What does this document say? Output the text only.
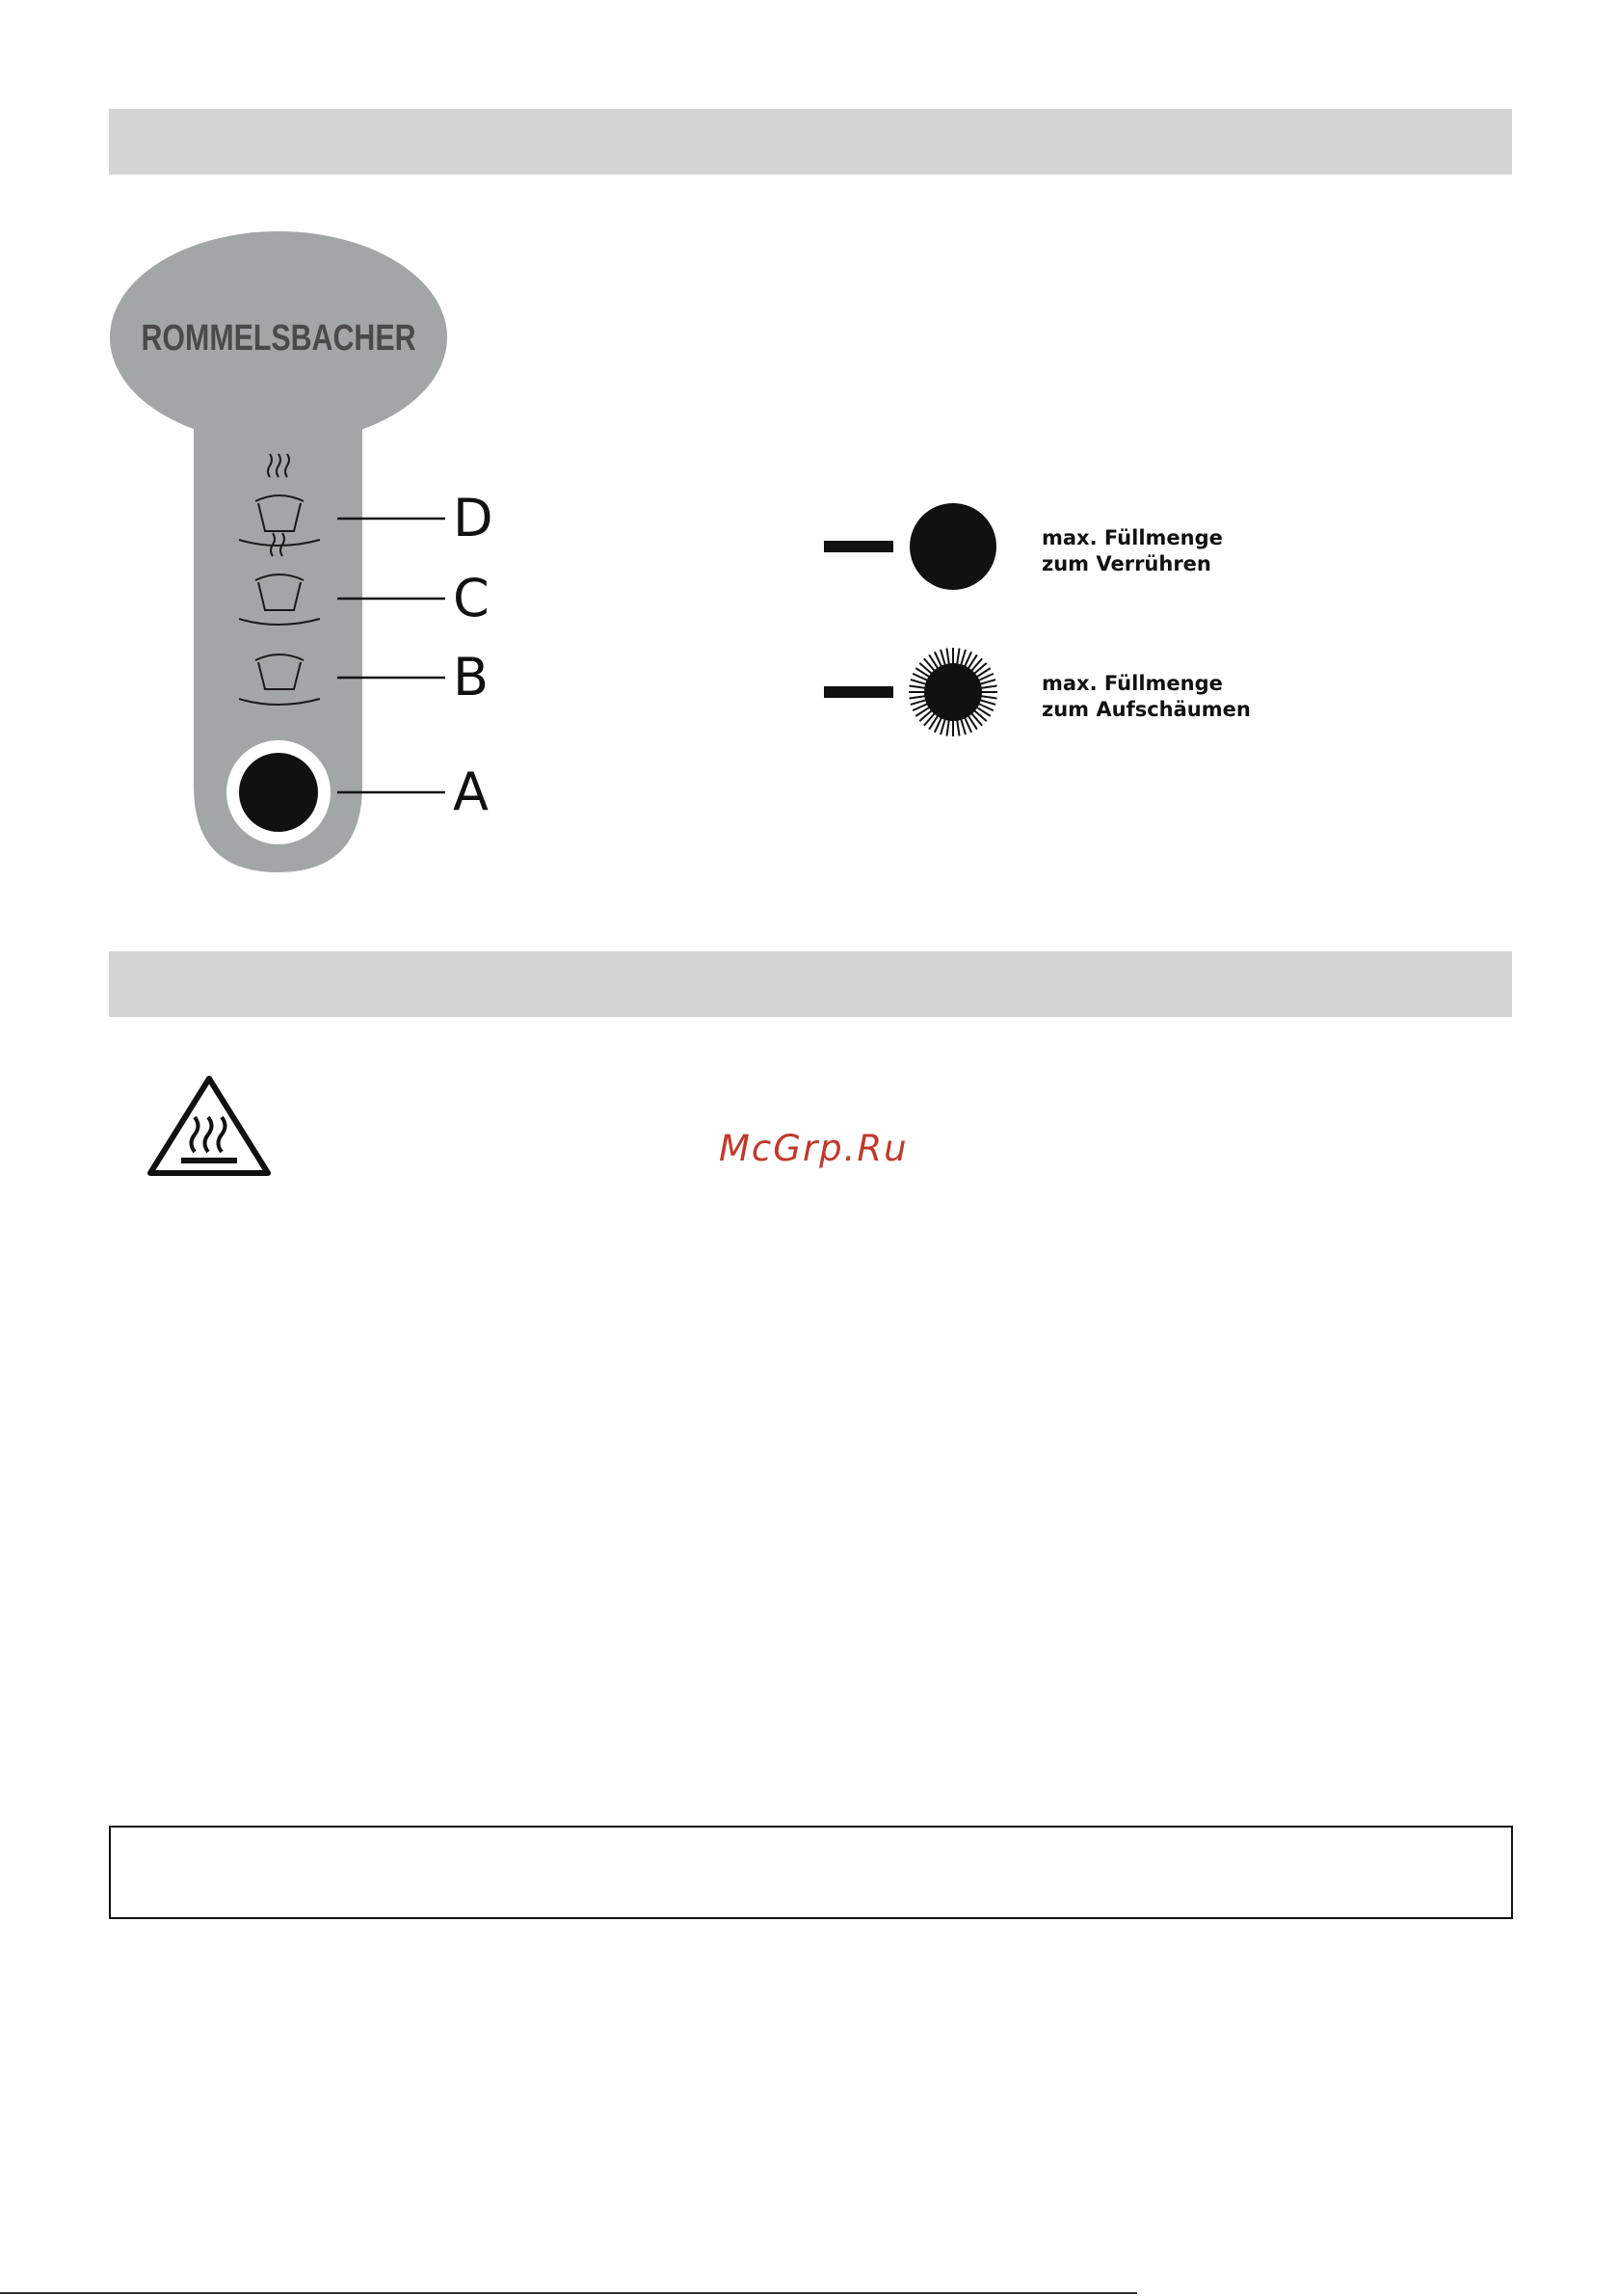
ROMMELSBACHER
D
C
B
A
max. Füllmenge
zum Verrühren
max. Füllmenge
zum Aufschäumen
McGrp.Ru
